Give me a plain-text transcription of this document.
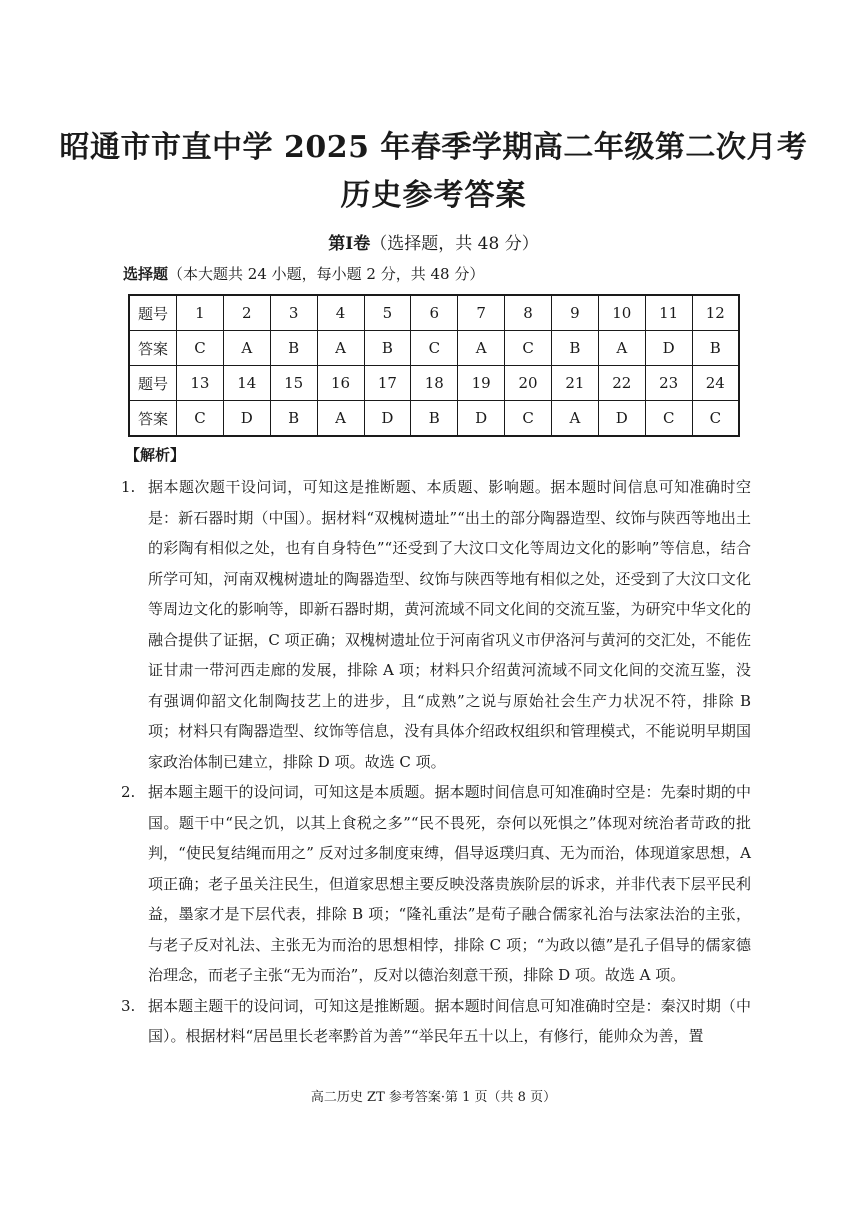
昭通市市直中学 2025 年春季学期高二年级第二次月考
历史参考答案
第Ⅰ卷（选择题，共 48 分）
选择题（本大题共 24 小题，每小题 2 分，共 48 分）
题号	1	2	3	4	5	6	7	8	9	10	11	12
答案	C	A	B	A	B	C	A	C	B	A	D	B
题号	13	14	15	16	17	18	19	20	21	22	23	24
答案	C	D	B	A	D	B	D	C	A	D	C	C
【解析】
1. 据本题次题干设问词，可知这是推断题、本质题、影响题。据本题时间信息可知准确时空是：新石器时期（中国）。据材料“双槐树遗址”“出土的部分陶器造型、纹饰与陕西等地出土的彩陶有相似之处，也有自身特色”“还受到了大汶口文化等周边文化的影响”等信息，结合所学可知，河南双槐树遗址的陶器造型、纹饰与陕西等地有相似之处，还受到了大汶口文化等周边文化的影响等，即新石器时期，黄河流域不同文化间的交流互鉴，为研究中华文化的融合提供了证据，C 项正确；双槐树遗址位于河南省巩义市伊洛河与黄河的交汇处，不能佐证甘肃一带河西走廊的发展，排除 A 项；材料只介绍黄河流域不同文化间的交流互鉴，没有强调仰韶文化制陶技艺上的进步，且“成熟”之说与原始社会生产力状况不符，排除 B 项；材料只有陶器造型、纹饰等信息，没有具体介绍政权组织和管理模式，不能说明早期国家政治体制已建立，排除 D 项。故选 C 项。
2. 据本题主题干的设问词，可知这是本质题。据本题时间信息可知准确时空是：先秦时期的中国。题干中“民之饥，以其上食税之多”“民不畏死，奈何以死惧之”体现对统治者苛政的批判，“使民复结绳而用之” 反对过多制度束缚，倡导返璞归真、无为而治，体现道家思想，A 项正确；老子虽关注民生，但道家思想主要反映没落贵族阶层的诉求，并非代表下层平民利益，墨家才是下层代表，排除 B 项；“隆礼重法”是荀子融合儒家礼治与法家法治的主张，与老子反对礼法、主张无为而治的思想相悖，排除 C 项；“为政以德”是孔子倡导的儒家德治理念，而老子主张“无为而治”，反对以德治刻意干预，排除 D 项。故选 A 项。
3. 据本题主题干的设问词，可知这是推断题。据本题时间信息可知准确时空是：秦汉时期（中国）。根据材料“居邑里长老率黔首为善”“举民年五十以上，有修行，能帅众为善，置
高二历史 ZT 参考答案·第 1 页（共 8 页）
